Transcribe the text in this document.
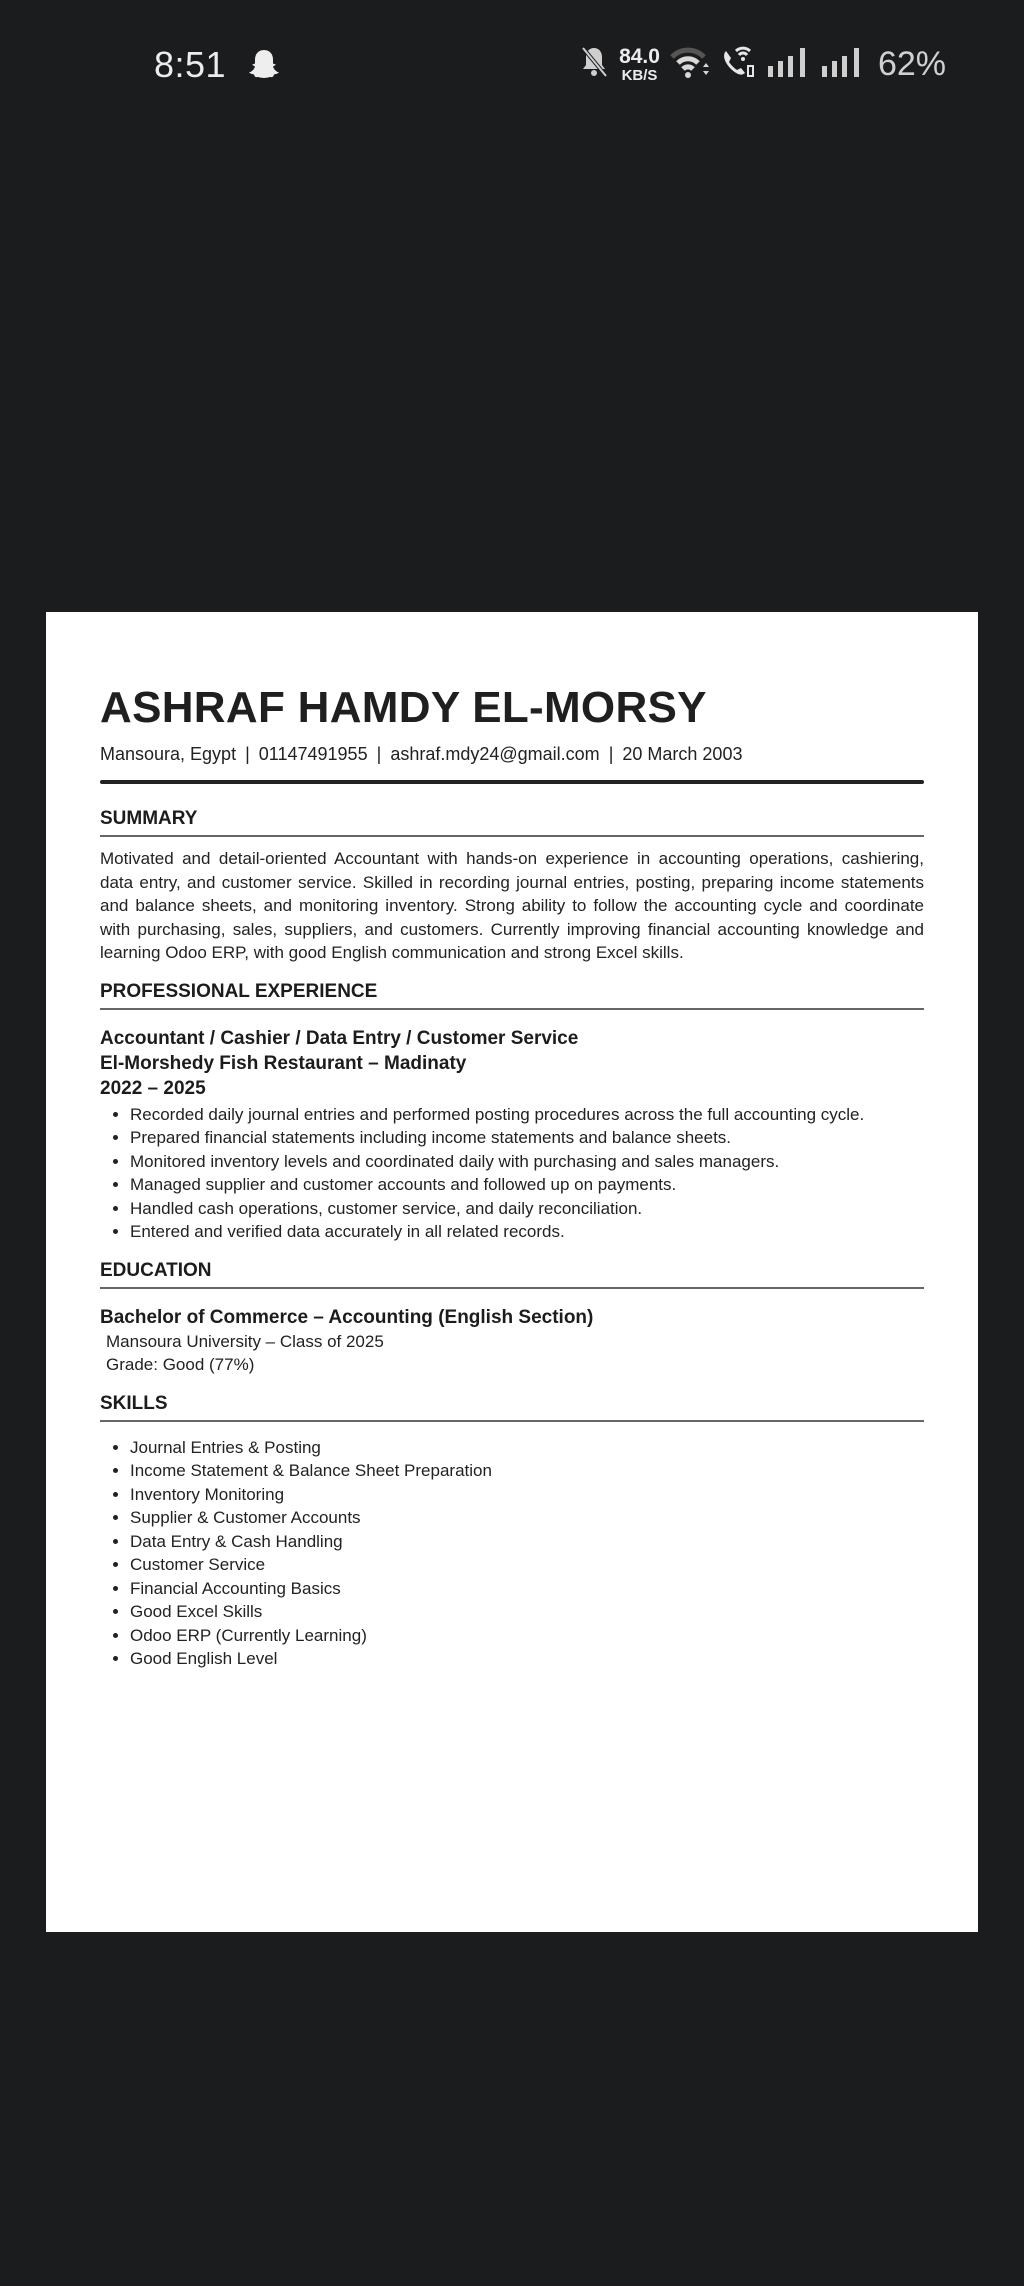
8:51	84.0
KB/S	62%
ASHRAF HAMDY EL-MORSY
Mansoura, Egypt | 01147491955 | ashraf.mdy24@gmail.com | 20 March 2003
SUMMARY
Motivated and detail-oriented Accountant with hands-on experience in accounting operations, cashiering, data entry, and customer service. Skilled in recording journal entries, posting, preparing income statements and balance sheets, and monitoring inventory. Strong ability to follow the accounting cycle and coordinate with purchasing, sales, suppliers, and customers. Currently improving financial accounting knowledge and learning Odoo ERP, with good English communication and strong Excel skills.
PROFESSIONAL EXPERIENCE
Accountant / Cashier / Data Entry / Customer Service
El-Morshedy Fish Restaurant – Madinaty
2022 – 2025
• Recorded daily journal entries and performed posting procedures across the full accounting cycle.
• Prepared financial statements including income statements and balance sheets.
• Monitored inventory levels and coordinated daily with purchasing and sales managers.
• Managed supplier and customer accounts and followed up on payments.
• Handled cash operations, customer service, and daily reconciliation.
• Entered and verified data accurately in all related records.
EDUCATION
Bachelor of Commerce – Accounting (English Section)
Mansoura University – Class of 2025
Grade: Good (77%)
SKILLS
• Journal Entries & Posting
• Income Statement & Balance Sheet Preparation
• Inventory Monitoring
• Supplier & Customer Accounts
• Data Entry & Cash Handling
• Customer Service
• Financial Accounting Basics
• Good Excel Skills
• Odoo ERP (Currently Learning)
• Good English Level
